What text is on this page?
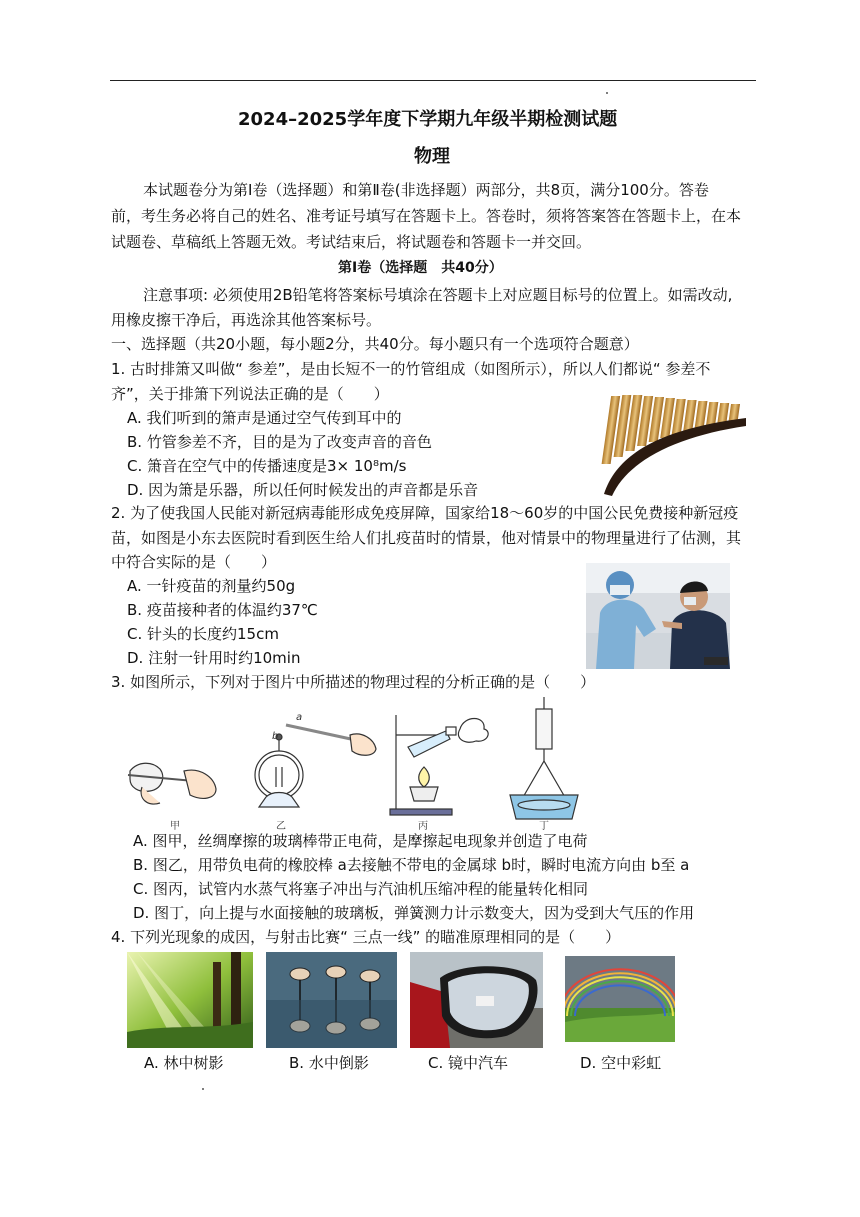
2024–2025学年度下学期九年级半期检测试题
物理
本试题卷分为第Ⅰ卷（选择题）和第Ⅱ卷(非选择题）两部分，共8页，满分100分。答卷
前，考生务必将自己的姓名、准考证号填写在答题卡上。答卷时，须将答案答在答题卡上，在本
试题卷、草稿纸上答题无效。考试结束后，将试题卷和答题卡一并交回。
第Ⅰ卷（选择题　共40分）
注意事项: 必须使用2B铅笔将答案标号填涂在答题卡上对应题目标号的位置上。如需改动,
用橡皮擦干净后，再选涂其他答案标号。
一、选择题（共20小题，每小题2分，共40分。每小题只有一个选项符合题意）
1. 古时排箫又叫做“ 参差”，是由长短不一的竹管组成（如图所示），所以人们都说“ 参差不
齐”，关于排箫下列说法正确的是（　　）
A. 我们听到的箫声是通过空气传到耳中的
B. 竹管参差不齐，目的是为了改变声音的音色
C. 箫音在空气中的传播速度是3× 10⁸m/s
D. 因为箫是乐器，所以任何时候发出的声音都是乐音
2. 为了使我国人民能对新冠病毒能形成免疫屏障，国家给18～60岁的中国公民免费接种新冠疫
苗，如图是小东去医院时看到医生给人们扎疫苗时的情景，他对情景中的物理量进行了估测，其
中符合实际的是（　　）
A. 一针疫苗的剂量约50g
B. 疫苗接种者的体温约37℃
C. 针头的长度约15cm
D. 注射一针用时约10min
3. 如图所示，下列对于图片中所描述的物理过程的分析正确的是（　　）
甲	乙	丙	丁
a
b
A. 图甲，丝绸摩擦的玻璃棒带正电荷，是摩擦起电现象并创造了电荷
B. 图乙，用带负电荷的橡胶棒 a去接触不带电的金属球 b时，瞬时电流方向由 b至 a
C. 图丙，试管内水蒸气将塞子冲出与汽油机压缩冲程的能量转化相同
D. 图丁，向上提与水面接触的玻璃板，弹簧测力计示数变大，因为受到大气压的作用
4. 下列光现象的成因，与射击比赛“ 三点一线” 的瞄准原理相同的是（　　）
A. 林中树影	B. 水中倒影	C. 镜中汽车	D. 空中彩虹
